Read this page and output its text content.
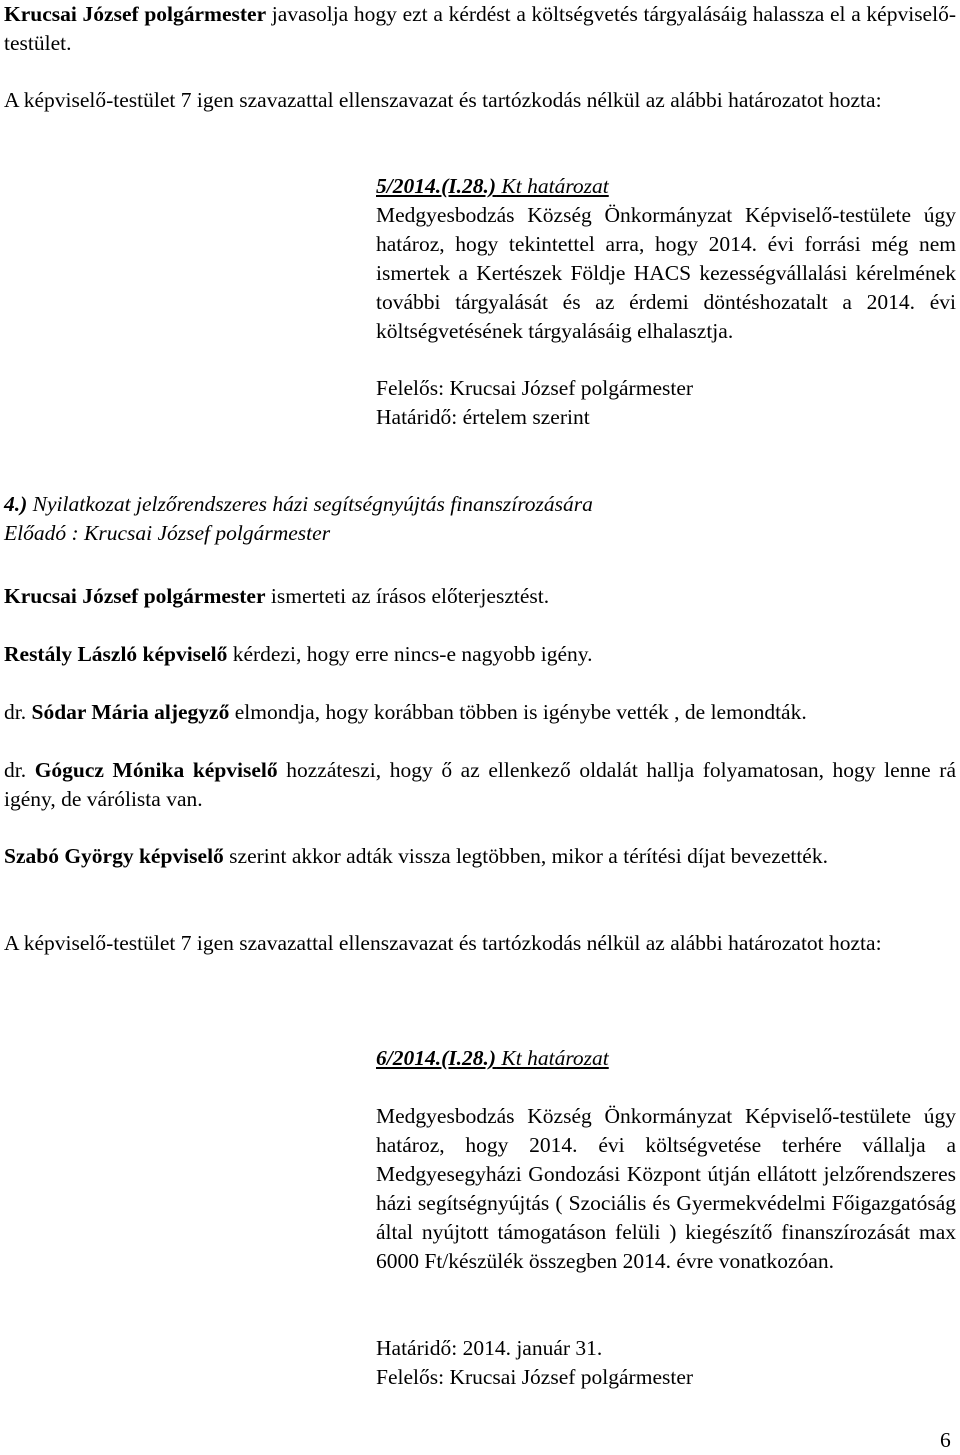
Krucsai József polgármester javasolja hogy ezt a kérdést a költségvetés tárgyalásáig halassza el a képviselő-testület.

A képviselő-testület 7 igen szavazattal ellenszavazat és tartózkodás nélkül az alábbi határozatot hozta:

5/2014.(I.28.) Kt határozat

Medgyesbodzás Község Önkormányzat Képviselő-testülete úgy határoz, hogy tekintettel arra, hogy 2014. évi forrási még nem ismertek a Kertészek Földje HACS kezességvállalási kérelmének további tárgyalását és az érdemi döntéshozatalt a 2014. évi költségvetésének tárgyalásáig elhalasztja.

Felelős: Krucsai József polgármester

Határidő: értelem szerint

4.) Nyilatkozat jelzőrendszeres házi segítségnyújtás finanszírozására

Előadó : Krucsai József polgármester

Krucsai József polgármester ismerteti az írásos előterjesztést.

Restály László képviselő kérdezi, hogy erre nincs-e nagyobb igény.

dr. Sódar Mária aljegyző elmondja, hogy korábban többen is igénybe vették , de lemondták.

dr. Gógucz Mónika képviselő hozzáteszi, hogy ő az ellenkező oldalát hallja folyamatosan, hogy lenne rá igény, de várólista van.

Szabó György képviselő szerint akkor adták vissza legtöbben, mikor a térítési díjat bevezették.

A képviselő-testület 7 igen szavazattal ellenszavazat és tartózkodás nélkül az alábbi határozatot hozta:

6/2014.(I.28.) Kt határozat

Medgyesbodzás Község Önkormányzat Képviselő-testülete úgy határoz, hogy 2014. évi költségvetése terhére vállalja a Medgyesegyházi Gondozási Központ útján ellátott jelzőrendszeres házi segítségnyújtás ( Szociális és Gyermekvédelmi Főigazgatóság által nyújtott támogatáson felüli ) kiegészítő finanszírozását max 6000 Ft/készülék összegben 2014. évre vonatkozóan.

Határidő: 2014. január 31.

Felelős: Krucsai József polgármester

6
